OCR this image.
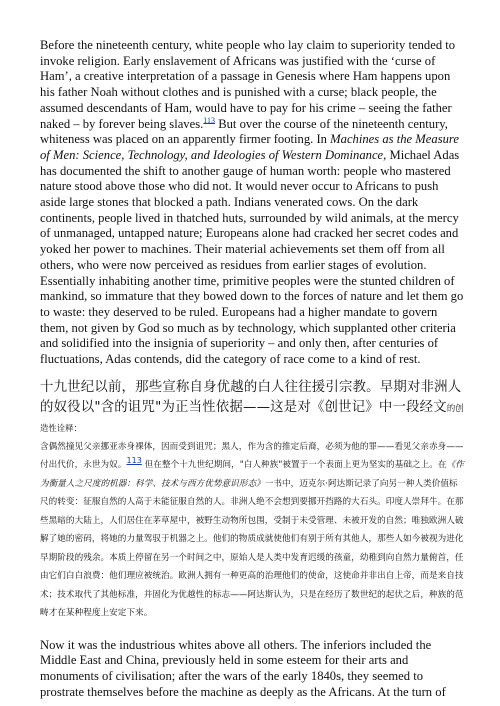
Before the nineteenth century, white people who lay claim to superiority tended to invoke religion. Early enslavement of Africans was justified with the ‘curse of Ham’, a creative interpretation of a passage in Genesis where Ham happens upon his father Noah without clothes and is punished with a curse; black people, the assumed descendants of Ham, would have to pay for his crime – seeing the father naked – by forever being slaves.$^{113}$ But over the course of the nineteenth century, whiteness was placed on an apparently firmer footing. In Machines as the Measure of Men: Science, Technology, and Ideologies of Western Dominance, Michael Adas has documented the shift to another gauge of human worth: people who mastered nature stood above those who did not. It would never occur to Africans to push aside large stones that blocked a path. Indians venerated cows. On the dark continents, people lived in thatched huts, surrounded by wild animals, at the mercy of unmanaged, untapped nature; Europeans alone had cracked her secret codes and yoked her power to machines. Their material achievements set them off from all others, who were now perceived as residues from earlier stages of evolution. Essentially inhabiting another time, primitive peoples were the stunted children of mankind, so immature that they bowed down to the forces of nature and let them go to waste: they deserved to be ruled. Europeans had a higher mandate to govern them, not given by God so much as by technology, which supplanted other criteria and solidified into the insignia of superiority – and only then, after centuries of fluctuations, Adas contends, did the category of race come to a kind of rest.

十九世纪以前，那些宣称自身优越的白人往往援引宗教。早期对非洲人的奴役以"含的诅咒"为正当性依据——这是对《创世记》中一段经文的创造性诠释：

含偶然撞见父亲挪亚赤身裸体，因而受到诅咒；黑人，作为含的推定后裔，必须为他的罪——看见父亲赤身——付出代价，永世为奴。113 但在整个十九世纪期间，"白人种族"被置于一个表面上更为坚实的基础之上。在《作为衡量人之尺度的机器：科学、技术与西方优势意识形态》一书中，迈克尔·阿达斯记录了向另一种人类价值标尺的转变：征服自然的人高于未能征服自然的人。非洲人绝不会想到要挪开挡路的大石头。印度人崇拜牛。在那些黑暗的大陆上，人们居住在茅草屋中，被野生动物所包围，受制于未受管理、未被开发的自然；唯独欧洲人破解了她的密码，将她的力量驾驭于机器之上。他们的物质成就使他们有别于所有其他人，那些人如今被视为进化早期阶段的残余。本质上停留在另一个时间之中，原始人是人类中发育迟缓的孩童，幼稚到向自然力量俯首，任由它们白白浪费：他们理应被统治。欧洲人拥有一种更高的治理他们的使命，这使命并非出自上帝，而是来自技术；技术取代了其他标准，并固化为优越性的标志——阿达斯认为，只是在经历了数世纪的起伏之后，种族的范畴才在某种程度上安定下来。

Now it was the industrious whites above all others. The inferiors included the Middle East and China, previously held in some esteem for their arts and monuments of civilisation; after the wars of the early 1840s, they seemed to prostrate themselves before the machine as deeply as the Africans. At the turn of
